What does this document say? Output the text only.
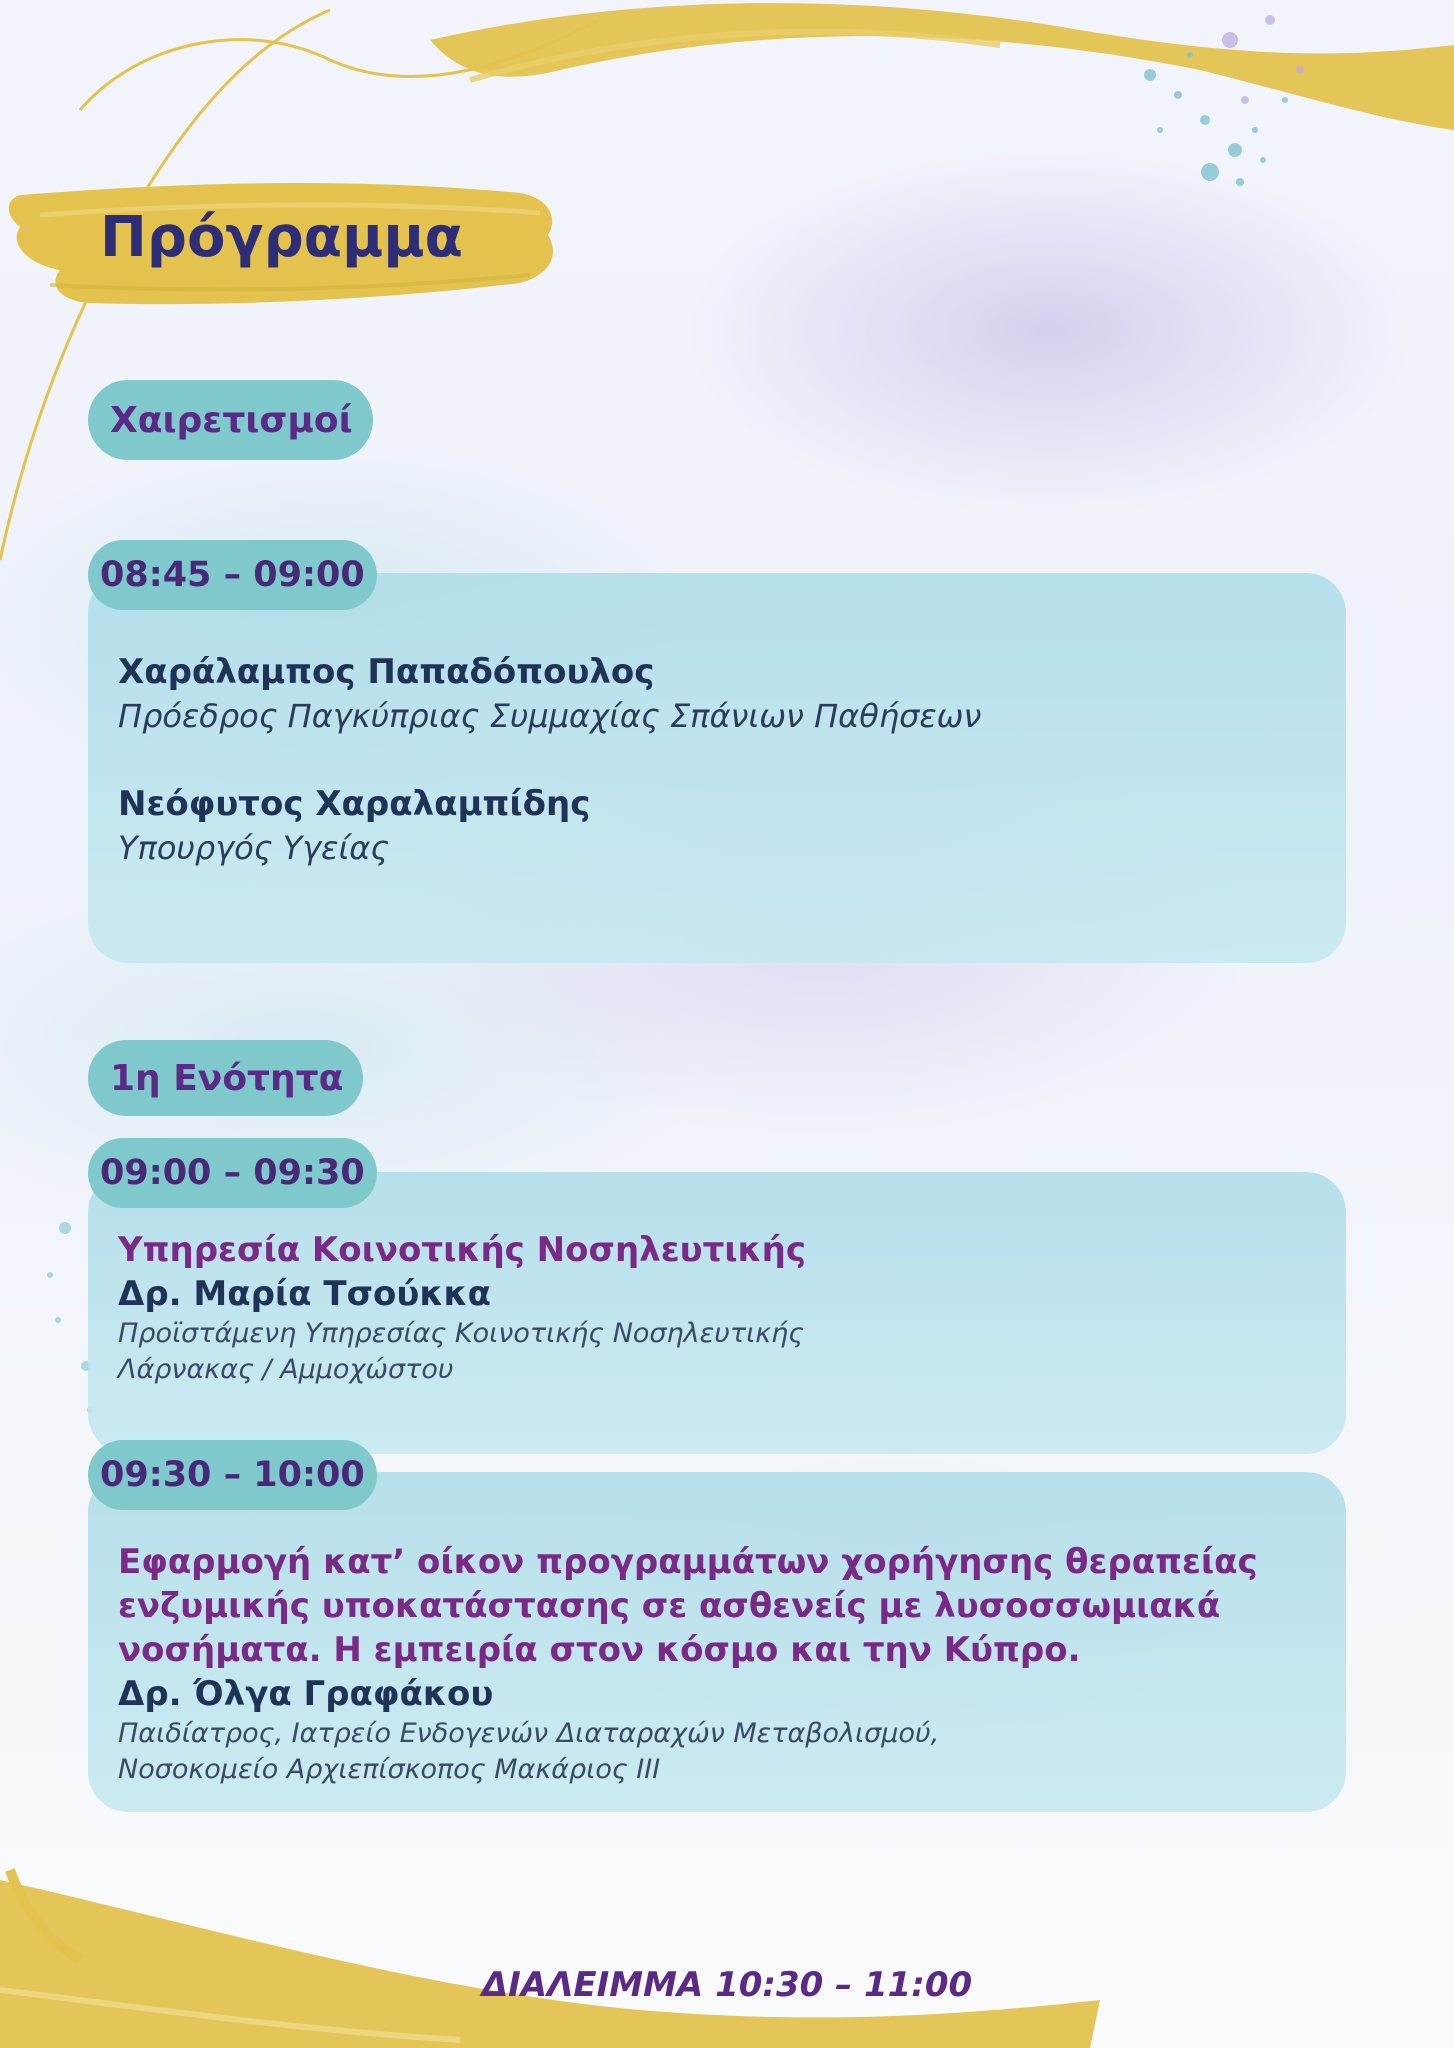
Πρόγραμμα
Χαιρετισμοί
08:45 – 09:00

Χαράλαμπος Παπαδόπουλος

Πρόεδρος Παγκύπριας Συμμαχίας Σπάνιων Παθήσεων

Νεόφυτος Χαραλαμπίδης

Υπουργός Υγείας

1η Ενότητα
09:00 – 09:30

Υπηρεσία Κοινοτικής Νοσηλευτικής

Δρ. Μαρία Τσούκκα

Προϊστάμενη Υπηρεσίας Κοινοτικής Νοσηλευτικής

Λάρνακας / Αμμοχώστου

09:30 – 10:00

Εφαρμογή κατ’ οίκον προγραμμάτων χορήγησης θεραπείας

ενζυμικής υποκατάστασης σε ασθενείς με λυσοσσωμιακά

νοσήματα. Η εμπειρία στον κόσμο και την Κύπρο.

Δρ. Όλγα Γραφάκου

Παιδίατρος, Ιατρείο Ενδογενών Διαταραχών Μεταβολισμού,

Νοσοκομείο Αρχιεπίσκοπος Μακάριος ΙΙΙ

ΔΙΑΛΕΙΜΜΑ 10:30 – 11:00
